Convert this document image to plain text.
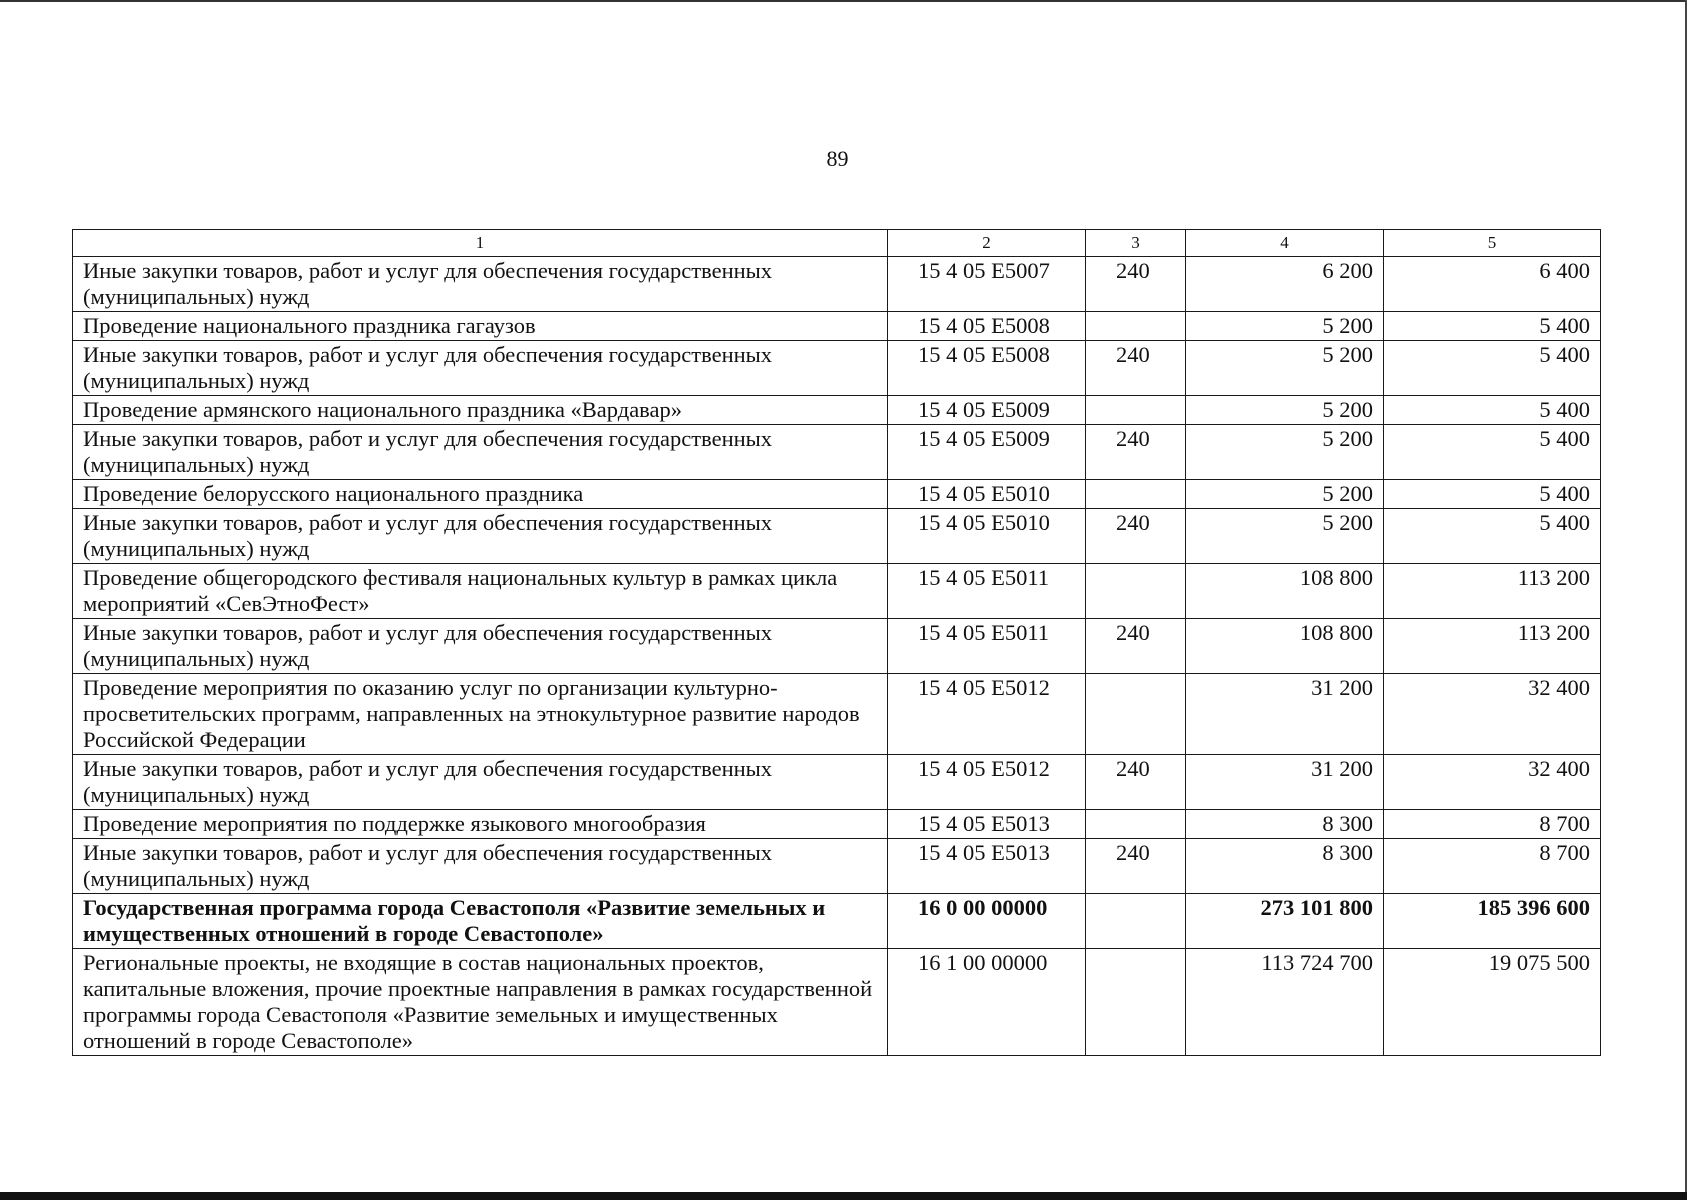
89
1	2	3	4	5
Иные закупки товаров, работ и услуг для обеспечения государственных (муниципальных) нужд	15 4 05 E5007	240	6 200	6 400
Проведение национального праздника гагаузов	15 4 05 E5008		5 200	5 400
Иные закупки товаров, работ и услуг для обеспечения государственных (муниципальных) нужд	15 4 05 E5008	240	5 200	5 400
Проведение армянского национального праздника «Вардавар»	15 4 05 E5009		5 200	5 400
Иные закупки товаров, работ и услуг для обеспечения государственных (муниципальных) нужд	15 4 05 E5009	240	5 200	5 400
Проведение белорусского национального праздника	15 4 05 E5010		5 200	5 400
Иные закупки товаров, работ и услуг для обеспечения государственных (муниципальных) нужд	15 4 05 E5010	240	5 200	5 400
Проведение общегородского фестиваля национальных культур в рамках цикла мероприятий «СевЭтноФест»	15 4 05 E5011		108 800	113 200
Иные закупки товаров, работ и услуг для обеспечения государственных (муниципальных) нужд	15 4 05 E5011	240	108 800	113 200
Проведение мероприятия по оказанию услуг по организации культурно-просветительских программ, направленных на этнокультурное развитие народов Российской Федерации	15 4 05 E5012		31 200	32 400
Иные закупки товаров, работ и услуг для обеспечения государственных (муниципальных) нужд	15 4 05 E5012	240	31 200	32 400
Проведение мероприятия по поддержке языкового многообразия	15 4 05 E5013		8 300	8 700
Иные закупки товаров, работ и услуг для обеспечения государственных (муниципальных) нужд	15 4 05 E5013	240	8 300	8 700
Государственная программа города Севастополя «Развитие земельных и имущественных отношений в городе Севастополе»	16 0 00 00000		273 101 800	185 396 600
Региональные проекты, не входящие в состав национальных проектов, капитальные вложения, прочие проектные направления в рамках государственной программы города Севастополя «Развитие земельных и имущественных отношений в городе Севастополе»	16 1 00 00000		113 724 700	19 075 500
